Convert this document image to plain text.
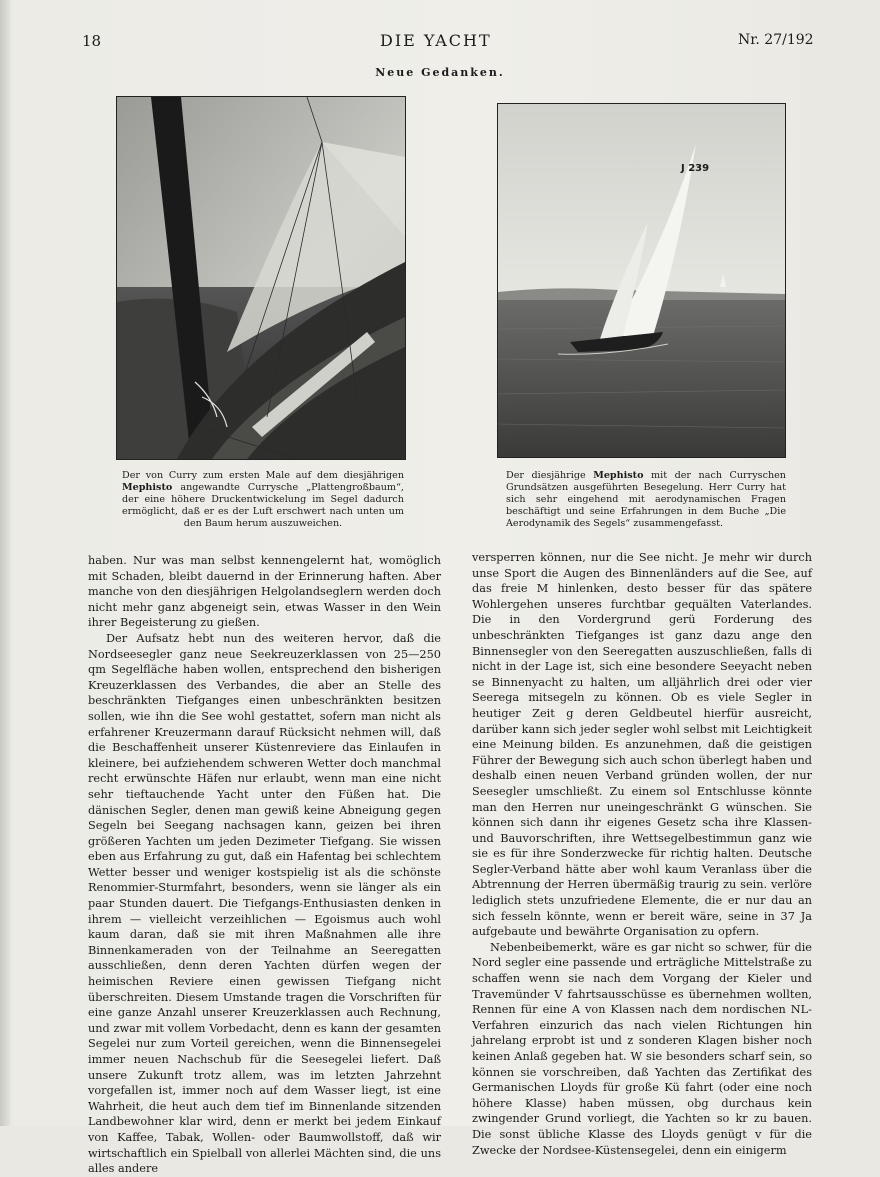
18	DIE YACHT	Nr. 27/192
Neue Gedanken.
J 239
Der von Curry zum ersten Male auf dem diesjährigen Mephisto angewandte Currysche „Plattengroßbaum“, der eine höhere Druckentwickelung im Segel dadurch ermöglicht, daß er es der Luft erschwert nach unten um den Baum herum auszuweichen.
Der diesjährige Mephisto mit der nach Curryschen Grundsätzen ausgeführten Besegelung. Herr Curry hat sich sehr eingehend mit aerodynamischen Fragen beschäftigt und seine Erfahrungen in dem Buche „Die Aerodynamik des Segels“ zusammengefasst.

haben. Nur was man selbst kennengelernt hat, womöglich mit Schaden, bleibt dauernd in der Erinnerung haften. Aber manche von den diesjährigen Helgolandseglern werden doch nicht mehr ganz abgeneigt sein, etwas Wasser in den Wein ihrer Begeisterung zu gießen.

Der Aufsatz hebt nun des weiteren hervor, daß die Nordseesegler ganz neue Seekreuzerklassen von 25—250 qm Segelfläche haben wollen, entsprechend den bisherigen Kreuzerklassen des Verbandes, die aber an Stelle des beschränkten Tiefganges einen unbeschränkten besitzen sollen, wie ihn die See wohl gestattet, sofern man nicht als erfahrener Kreuzermann darauf Rücksicht nehmen will, daß die Beschaffenheit unserer Küstenreviere das Einlaufen in kleinere, bei aufziehendem schweren Wetter doch manchmal recht erwünschte Häfen nur erlaubt, wenn man eine nicht sehr tieftauchende Yacht unter den Füßen hat. Die dänischen Segler, denen man gewiß keine Abneigung gegen Segeln bei Seegang nachsagen kann, geizen bei ihren größeren Yachten um jeden Dezimeter Tiefgang. Sie wissen eben aus Erfahrung zu gut, daß ein Hafentag bei schlechtem Wetter besser und weniger kostspielig ist als die schönste Renommier-Sturmfahrt, besonders, wenn sie länger als ein paar Stunden dauert. Die Tiefgangs-Enthusiasten denken in ihrem — vielleicht verzeihlichen — Egoismus auch wohl kaum daran, daß sie mit ihren Maßnahmen alle ihre Binnenkameraden von der Teilnahme an Seeregatten ausschließen, denn deren Yachten dürfen wegen der heimischen Reviere einen gewissen Tiefgang nicht überschreiten. Diesem Umstande tragen die Vorschriften für eine ganze Anzahl unserer Kreuzerklassen auch Rechnung, und zwar mit vollem Vorbedacht, denn es kann der gesamten Segelei nur zum Vorteil gereichen, wenn die Binnensegelei immer neuen Nachschub für die Seesegelei liefert. Daß unsere Zukunft trotz allem, was im letzten Jahrzehnt vorgefallen ist, immer noch auf dem Wasser liegt, ist eine Wahrheit, die heut auch dem tief im Binnenlande sitzenden Landbewohner klar wird, denn er merkt bei jedem Einkauf von Kaffee, Tabak, Wollen- oder Baumwollstoff, daß wir wirtschaftlich ein Spielball von allerlei Mächten sind, die uns alles andere

versperren können, nur die See nicht. Je mehr wir durch unse Sport die Augen des Binnenländers auf die See, auf das freie M hinlenken, desto besser für das spätere Wohlergehen unseres furchtbar gequälten Vaterlandes. Die in den Vordergrund gerü Forderung des unbeschränkten Tiefganges ist ganz dazu ange den Binnensegler von den Seeregatten auszuschließen, falls di nicht in der Lage ist, sich eine besondere Seeyacht neben se Binnenyacht zu halten, um alljährlich drei oder vier Seerega mitsegeln zu können. Ob es viele Segler in heutiger Zeit g deren Geldbeutel hierfür ausreicht, darüber kann sich jeder segler wohl selbst mit Leichtigkeit eine Meinung bilden. Es anzunehmen, daß die geistigen Führer der Bewegung sich auch schon überlegt haben und deshalb einen neuen Verband gründen wollen, der nur Seesegler umschließt. Zu einem sol Entschlusse könnte man den Herren nur uneingeschränkt G wünschen. Sie können sich dann ihr eigenes Gesetz scha ihre Klassen- und Bauvorschriften, ihre Wettsegelbestimmun ganz wie sie es für ihre Sonderzwecke für richtig halten. Deutsche Segler-Verband hätte aber wohl kaum Veranlass über die Abtrennung der Herren übermäßig traurig zu sein. verlöre lediglich stets unzufriedene Elemente, die er nur dau an sich fesseln könnte, wenn er bereit wäre, seine in 37 Ja aufgebaute und bewährte Organisation zu opfern.

Nebenbeibemerkt, wäre es gar nicht so schwer, für die Nord segler eine passende und erträgliche Mittelstraße zu schaffen wenn sie nach dem Vorgang der Kieler und Travemünder V fahrtsausschüsse es übernehmen wollten, Rennen für eine A von Klassen nach dem nordischen NL-Verfahren einzurich das nach vielen Richtungen hin jahrelang erprobt ist und z sonderen Klagen bisher noch keinen Anlaß gegeben hat. W sie besonders scharf sein, so können sie vorschreiben, daß Yachten das Zertifikat des Germanischen Lloyds für große Kü fahrt (oder eine noch höhere Klasse) haben müssen, obg durchaus kein zwingender Grund vorliegt, die Yachten so kr zu bauen. Die sonst übliche Klasse des Lloyds genügt v für die Zwecke der Nordsee-Küstensegelei, denn ein einigerm
